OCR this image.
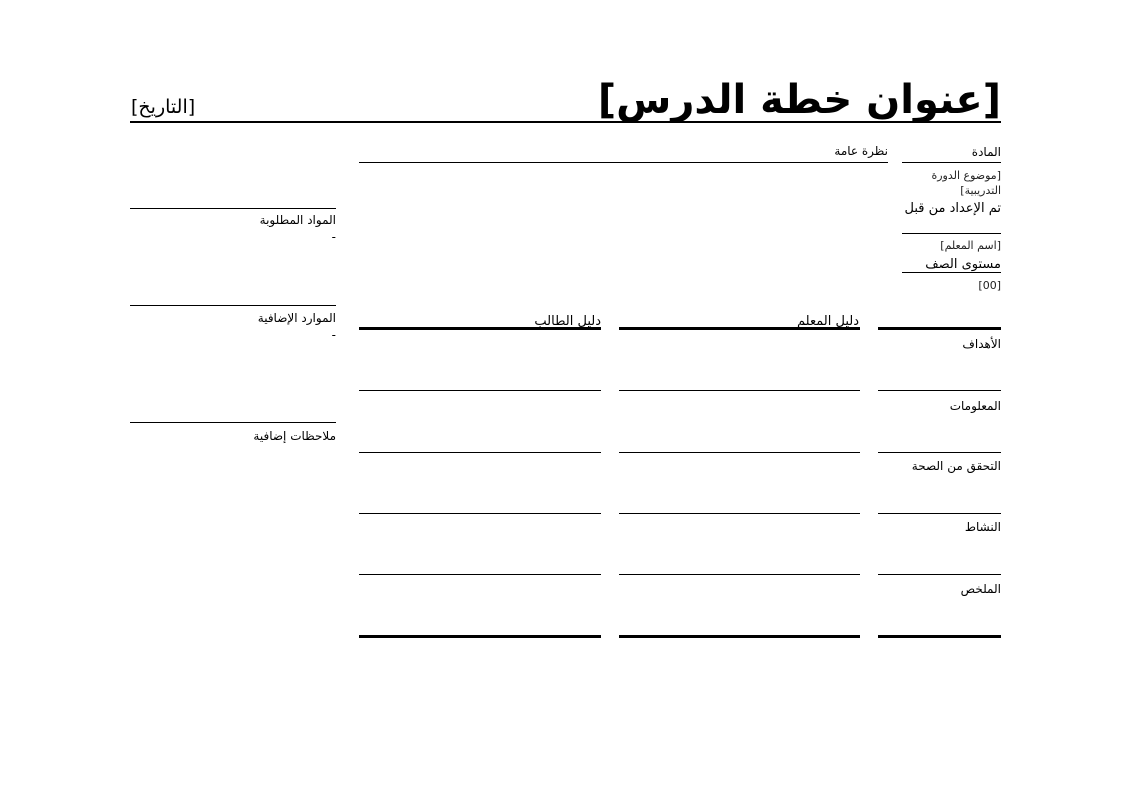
[عنوان خطة الدرس]
[التاريخ]
المادة
[موضوع الدورة التدريبية]
تم الإعداد من قبل
[اسم المعلم]
مستوى الصف
[00]
نظرة عامة
المواد المطلوبة
-
الموارد الإضافية
-
ملاحظات إضافية
دليل المعلم
دليل الطالب
الأهداف
المعلومات
التحقق من الصحة
النشاط
الملخص
